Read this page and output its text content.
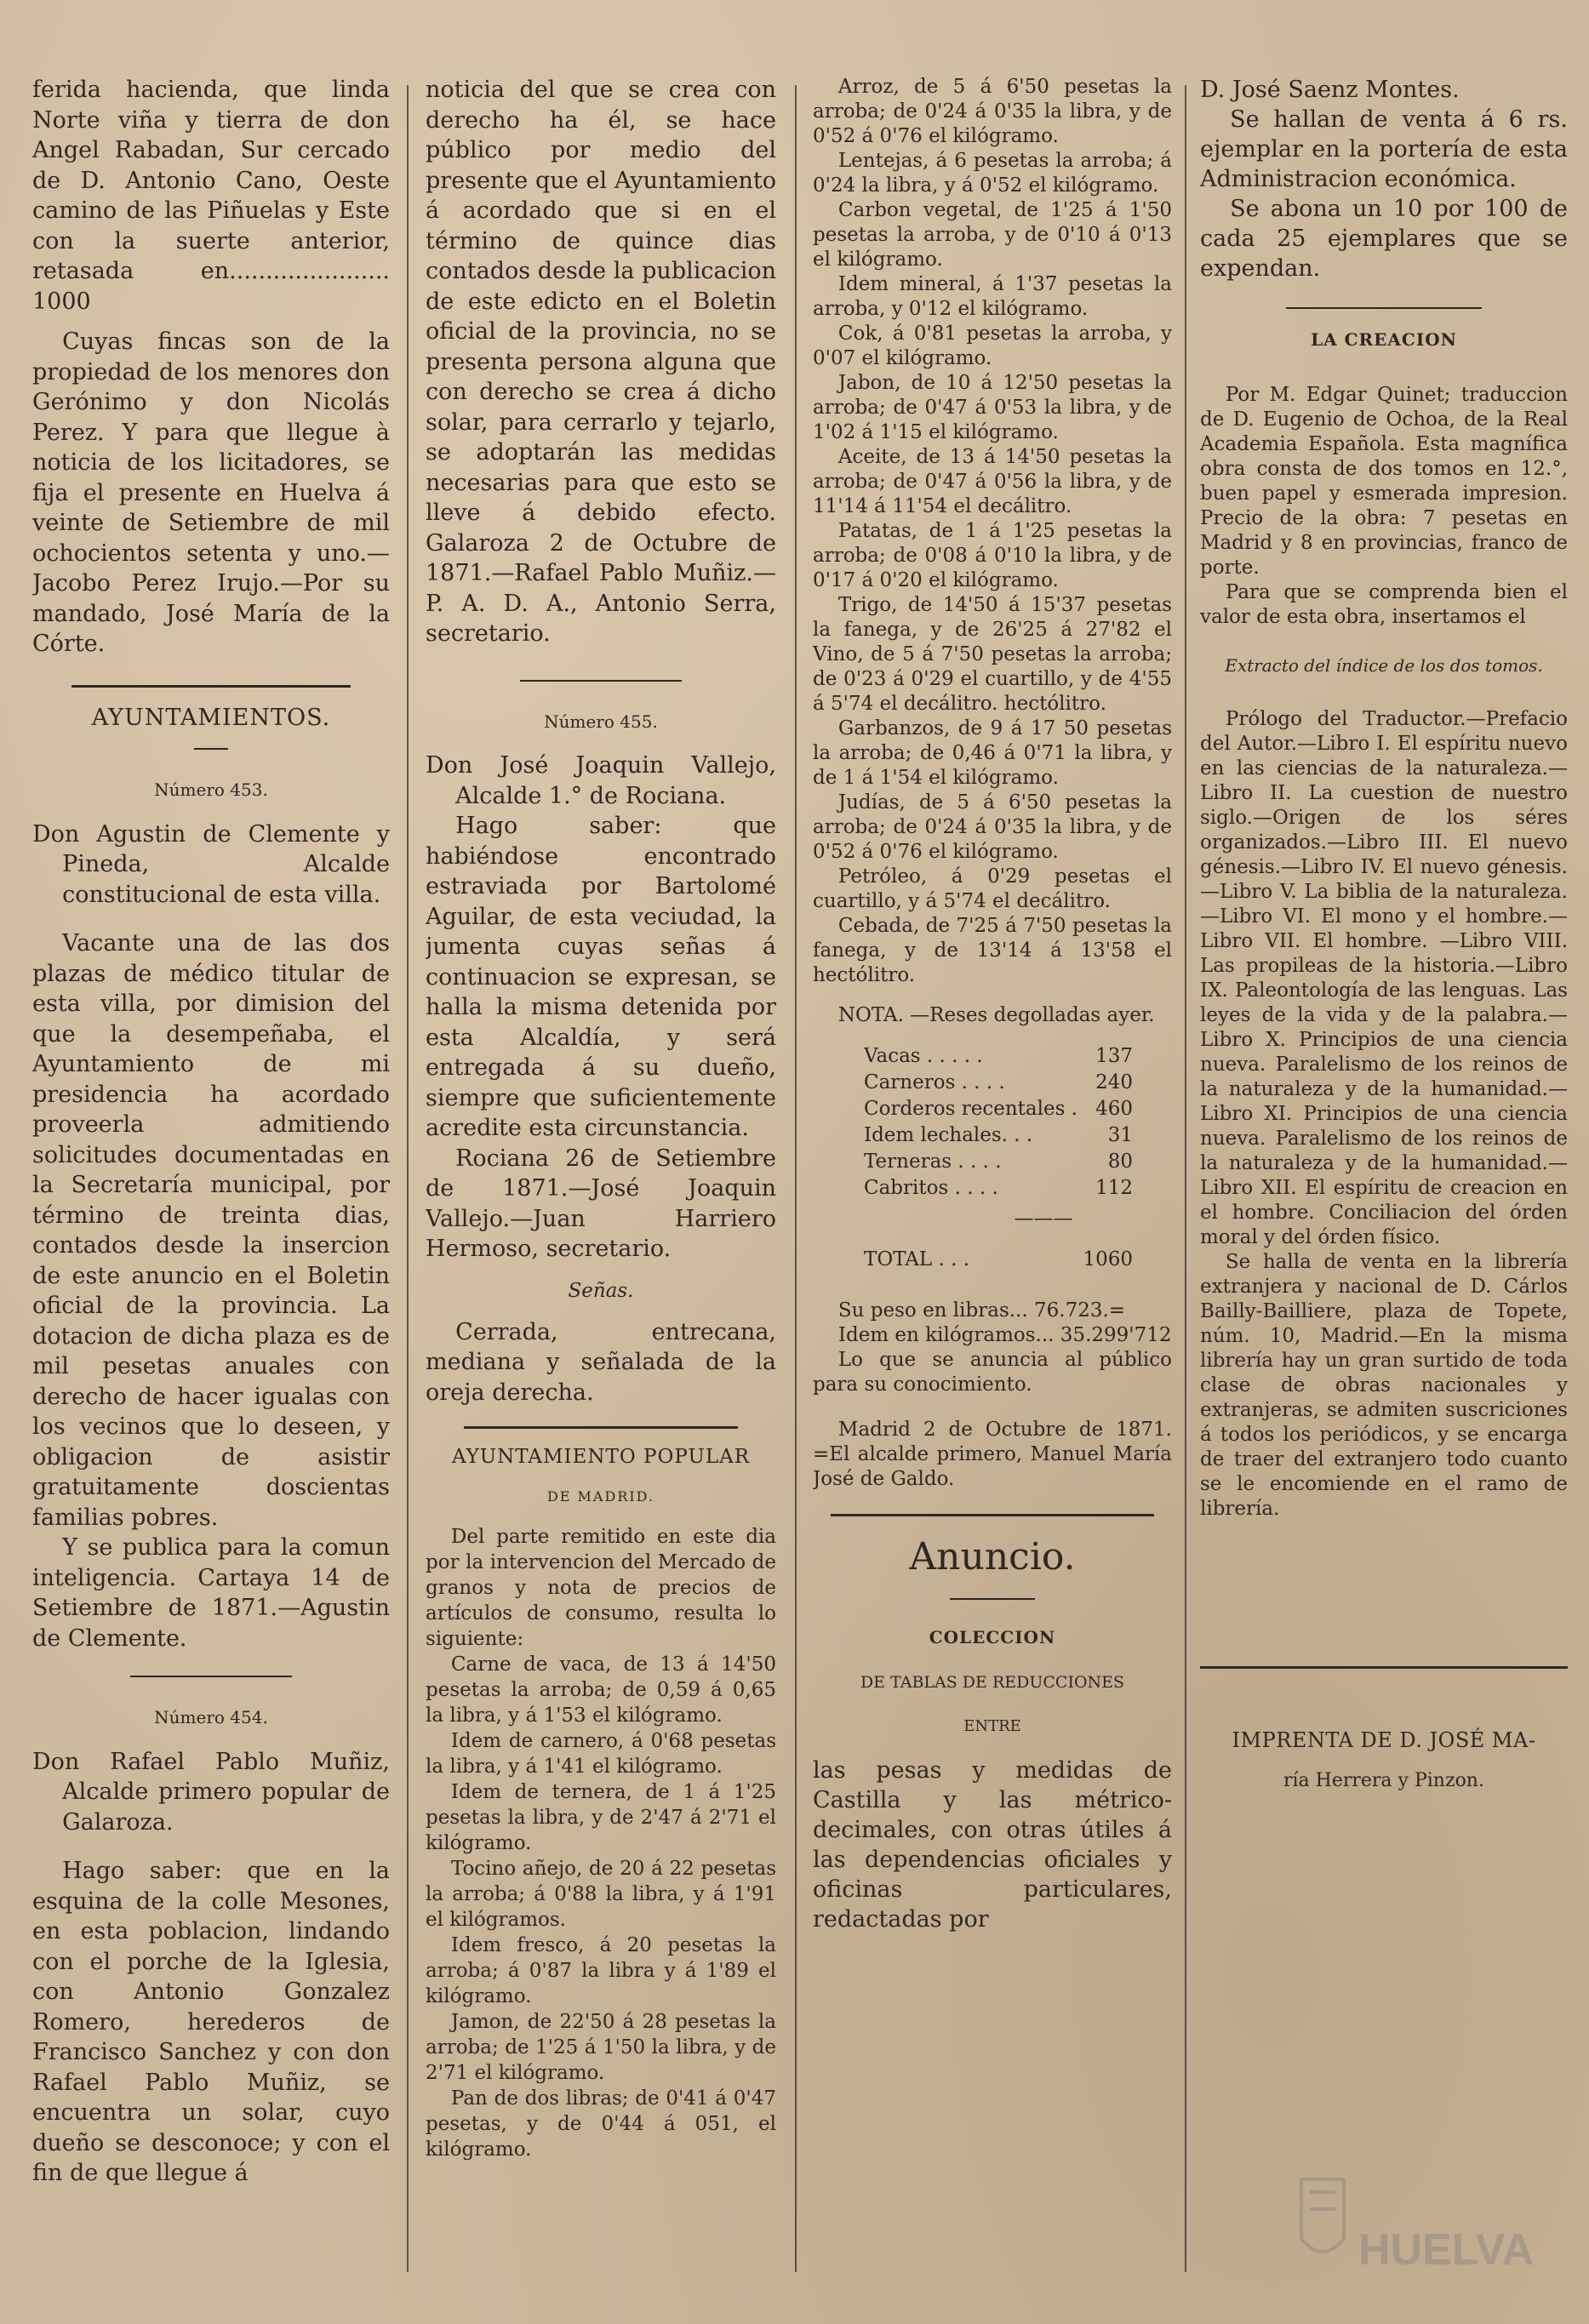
ferida hacienda, que linda Norte viña y tierra de don Angel Rabadan, Sur cercado de D. Antonio Cano, Oeste camino de las Piñuelas y Este con la suerte anterior, retasada en...................... 1000

Cuyas fincas son de la propiedad de los menores don Gerónimo y don Nicolás Perez. Y para que llegue à noticia de los licitadores, se fija el presente en Huelva á veinte de Setiembre de mil ochocientos setenta y uno.—Jacobo Perez Irujo.—Por su mandado, José María de la Córte.

AYUNTAMIENTOS.

Número 453.

Don Agustin de Clemente y Pineda, Alcalde constitucional de esta villa.

Vacante una de las dos plazas de médico titular de esta villa, por dimision del que la desempeñaba, el Ayuntamiento de mi presidencia ha acordado proveerla admitiendo solicitudes documentadas en la Secretaría municipal, por término de treinta dias, contados desde la insercion de este anuncio en el Boletin oficial de la provincia. La dotacion de dicha plaza es de mil pesetas anuales con derecho de hacer igualas con los vecinos que lo deseen, y obligacion de asistir gratuitamente doscientas familias pobres.

Y se publica para la comun inteligencia. Cartaya 14 de Setiembre de 1871.—Agustin de Clemente.

Número 454.

Don Rafael Pablo Muñiz, Alcalde primero popular de Galaroza.

Hago saber: que en la esquina de la colle Mesones, en esta poblacion, lindando con el porche de la Iglesia, con Antonio Gonzalez Romero, herederos de Francisco Sanchez y con don Rafael Pablo Muñiz, se encuentra un solar, cuyo dueño se desconoce; y con el fin de que llegue á

noticia del que se crea con derecho ha él, se hace público por medio del presente que el Ayuntamiento á acordado que si en el término de quince dias contados desde la publicacion de este edicto en el Boletin oficial de la provincia, no se presenta persona alguna que con derecho se crea á dicho solar, para cerrarlo y tejarlo, se adoptarán las medidas necesarias para que esto se lleve á debido efecto. Galaroza 2 de Octubre de 1871.—Rafael Pablo Muñiz.—P. A. D. A., Antonio Serra, secretario.

Número 455.

Don José Joaquin Vallejo, Alcalde 1.° de Rociana.

Hago saber: que habiéndose encontrado estraviada por Bartolomé Aguilar, de esta veciudad, la jumenta cuyas señas á continuacion se expresan, se halla la misma detenida por esta Alcaldía, y será entregada á su dueño, siempre que suficientemente acredite esta circunstancia.

Rociana 26 de Setiembre de 1871.—José Joaquin Vallejo.—Juan Harriero Hermoso, secretario.

Señas.

Cerrada, entrecana, mediana y señalada de la oreja derecha.

AYUNTAMIENTO POPULAR

DE MADRID.

Del parte remitido en este dia por la intervencion del Mercado de granos y nota de precios de artículos de consumo, resulta lo siguiente:

Carne de vaca, de 13 á 14'50 pesetas la arroba; de 0,59 á 0,65 la libra, y á 1'53 el kilógramo.

Idem de carnero, á 0'68 pesetas la libra, y á 1'41 el kilógramo.

Idem de ternera, de 1 á 1'25 pesetas la libra, y de 2'47 á 2'71 el kilógramo.

Tocino añejo, de 20 á 22 pesetas la arroba; á 0'88 la libra, y á 1'91 el kilógramos.

Idem fresco, á 20 pesetas la arroba; á 0'87 la libra y á 1'89 el kilógramo.

Jamon, de 22'50 á 28 pesetas la arroba; de 1'25 á 1'50 la libra, y de 2'71 el kilógramo.

Pan de dos libras; de 0'41 á 0'47 pesetas, y de 0'44 á 051, el kilógramo.

Arroz, de 5 á 6'50 pesetas la arroba; de 0'24 á 0'35 la libra, y de 0'52 á 0'76 el kilógramo.

Lentejas, á 6 pesetas la arroba; á 0'24 la libra, y á 0'52 el kilógramo.

Carbon vegetal, de 1'25 á 1'50 pesetas la arroba, y de 0'10 á 0'13 el kilógramo.

Idem mineral, á 1'37 pesetas la arroba, y 0'12 el kilógramo.

Cok, á 0'81 pesetas la arroba, y 0'07 el kilógramo.

Jabon, de 10 á 12'50 pesetas la arroba; de 0'47 á 0'53 la libra, y de 1'02 á 1'15 el kilógramo.

Aceite, de 13 á 14'50 pesetas la arroba; de 0'47 á 0'56 la libra, y de 11'14 á 11'54 el decálitro.

Patatas, de 1 á 1'25 pesetas la arroba; de 0'08 á 0'10 la libra, y de 0'17 á 0'20 el kilógramo.

Trigo, de 14'50 á 15'37 pesetas la fanega, y de 26'25 á 27'82 el Vino, de 5 á 7'50 pesetas la arroba; de 0'23 á 0'29 el cuartillo, y de 4'55 á 5'74 el decálitro. hectólitro.

Garbanzos, de 9 á 17 50 pesetas la arroba; de 0,46 á 0'71 la libra, y de 1 á 1'54 el kilógramo.

Judías, de 5 á 6'50 pesetas la arroba; de 0'24 á 0'35 la libra, y de 0'52 á 0'76 el kilógramo.

Petróleo, á 0'29 pesetas el cuartillo, y á 5'74 el decálitro.

Cebada, de 7'25 á 7'50 pesetas la fanega, y de 13'14 á 13'58 el hectólitro.

NOTA. —Reses degolladas ayer.

Vacas . . . . .	137
Carneros . . . .	240
Corderos recentales .	460
Idem lechales. . .	31
Terneras . . . .	80
Cabritos . . . .	112

———

TOTAL . . .	1060

Su peso en libras... 76.723.=

Idem en kilógramos... 35.299'712

Lo que se anuncia al público para su conocimiento.

Madrid 2 de Octubre de 1871. =El alcalde primero, Manuel María José de Galdo.

Anuncio.

COLECCION

DE TABLAS DE REDUCCIONES

ENTRE

las pesas y medidas de Castilla y las métrico-decimales, con otras útiles á las dependencias oficiales y oficinas particulares, redactadas por

D. José Saenz Montes.

Se hallan de venta á 6 rs. ejemplar en la portería de esta Administracion económica.

Se abona un 10 por 100 de cada 25 ejemplares que se expendan.

LA CREACION

Por M. Edgar Quinet; traduccion de D. Eugenio de Ochoa, de la Real Academia Española. Esta magnífica obra consta de dos tomos en 12.°, buen papel y esmerada impresion. Precio de la obra: 7 pesetas en Madrid y 8 en provincias, franco de porte.

Para que se comprenda bien el valor de esta obra, insertamos el

Extracto del índice de los dos tomos.

Prólogo del Traductor.—Prefacio del Autor.—Libro I. El espíritu nuevo en las ciencias de la naturaleza.—Libro II. La cuestion de nuestro siglo.—Origen de los séres organizados.—Libro III. El nuevo génesis.—Libro IV. El nuevo génesis.—Libro V. La biblia de la naturaleza.—Libro VI. El mono y el hombre.—Libro VII. El hombre. —Libro VIII. Las propileas de la historia.—Libro IX. Paleontología de las lenguas. Las leyes de la vida y de la palabra.—Libro X. Principios de una ciencia nueva. Paralelismo de los reinos de la naturaleza y de la humanidad.—Libro XI. Principios de una ciencia nueva. Paralelismo de los reinos de la naturaleza y de la humanidad.—Libro XII. El espíritu de creacion en el hombre. Conciliacion del órden moral y del órden físico.

Se halla de venta en la librería extranjera y nacional de D. Cárlos Bailly-Bailliere, plaza de Topete, núm. 10, Madrid.—En la misma librería hay un gran surtido de toda clase de obras nacionales y extranjeras, se admiten suscriciones á todos los periódicos, y se encarga de traer del extranjero todo cuanto se le encomiende en el ramo de librería.

IMPRENTA DE D. JOSÉ MA-

ría Herrera y Pinzon.

HUELVA
